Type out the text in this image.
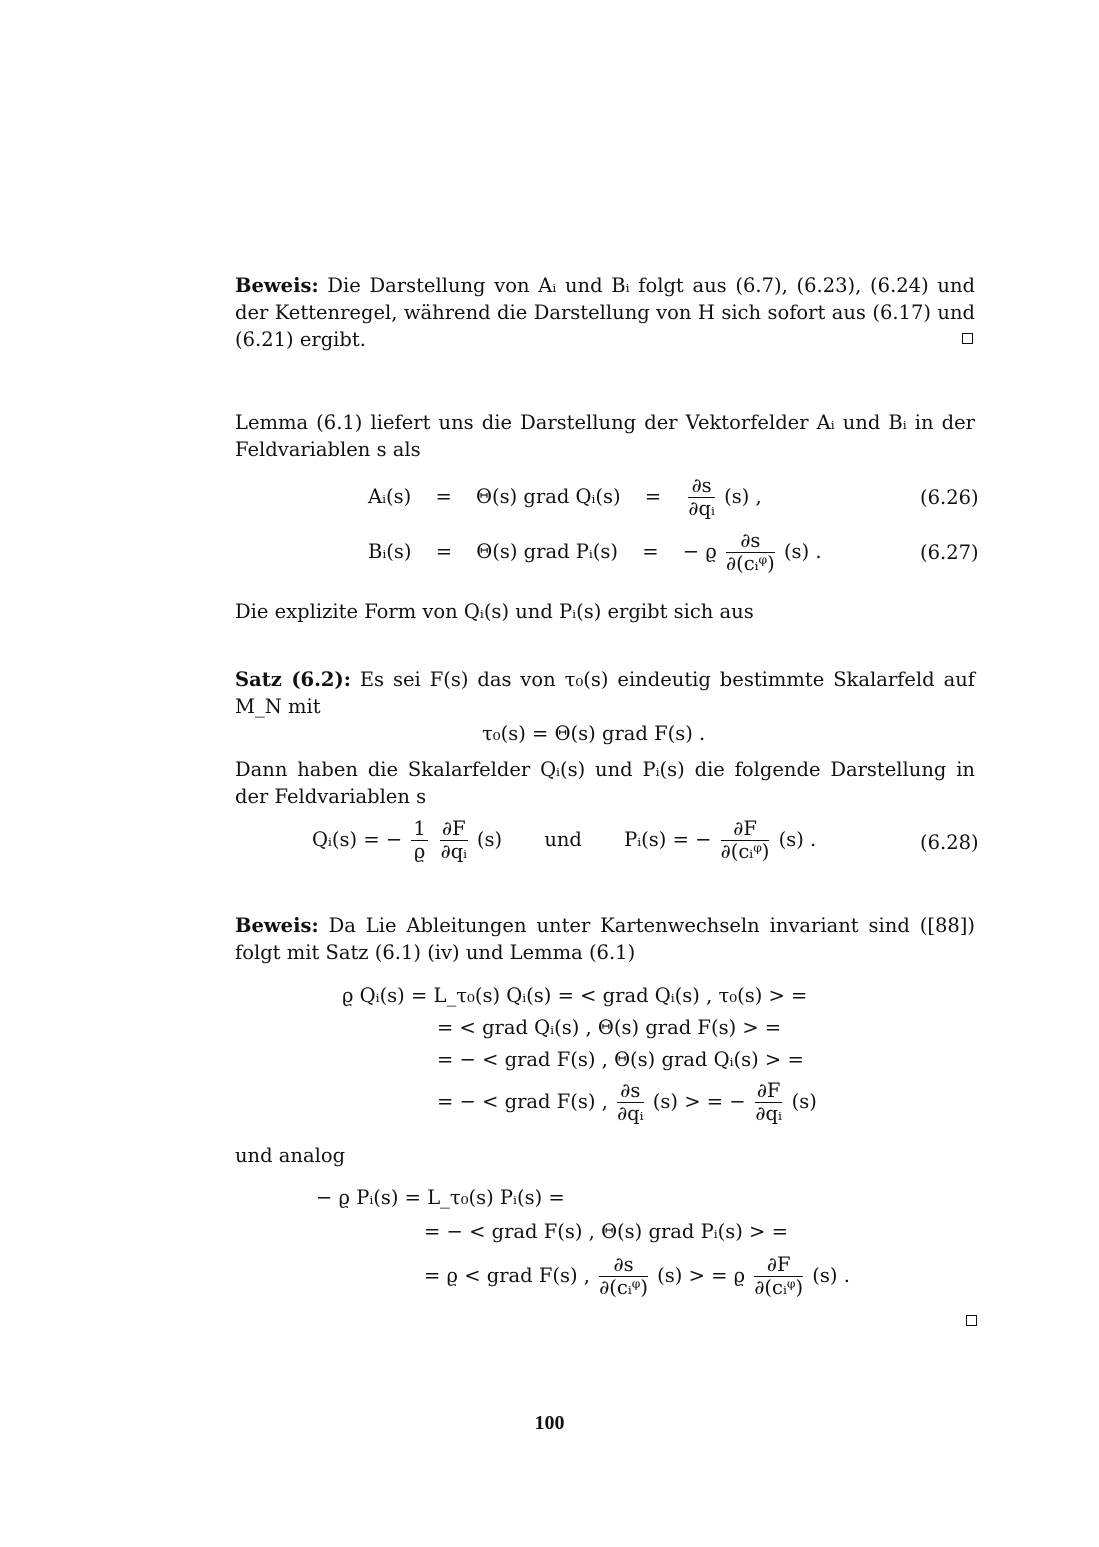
Beweis: Die Darstellung von Aᵢ und Bᵢ folgt aus (6.7), (6.23), (6.24) und der Kettenregel, während die Darstellung von H sich sofort aus (6.17) und (6.21) ergibt.
Lemma (6.1) liefert uns die Darstellung der Vektorfelder Aᵢ und Bᵢ in der Feldvariablen s als
Aᵢ(s) = Θ(s) grad Qᵢ(s) = $\frac{\partial s}{\text{∂qᵢ}} (s)$ ,	(6.26)
Bᵢ(s) = Θ(s) grad Pᵢ(s) = − ϱ $\frac{\partial s}{\text{∂(cᵢᵠ)}} (s)$ .	(6.27)
Die explizite Form von Qᵢ(s) und Pᵢ(s) ergibt sich aus
Satz (6.2): Es sei F(s) das von τ₀(s) eindeutig bestimmte Skalarfeld auf M_N mit
τ₀(s) = Θ(s) grad F(s) .
Dann haben die Skalarfelder Qᵢ(s) und Pᵢ(s) die folgende Darstellung in der Feldvariablen s
Qᵢ(s) = − $\frac{1}{ϱ}$
$\frac{\partial F}{\text{∂qᵢ}} (s)$ und Pᵢ(s) = − $\frac{\partial F}{\text{∂(cᵢᵠ)}} (s)$ .	(6.28)
Beweis: Da Lie Ableitungen unter Kartenwechseln invariant sind ([88]) folgt mit Satz (6.1) (iv) und Lemma (6.1)
ϱ Qᵢ(s) = L_τ₀(s) Qᵢ(s) = < grad Qᵢ(s) , τ₀(s) > =
= < grad Qᵢ(s) , Θ(s) grad F(s) > =
= − < grad F(s) , Θ(s) grad Qᵢ(s) > =
= − < grad F(s) , $\frac{\partial s}{\text{∂qᵢ}} (s)$ > = − $\frac{\partial F}{\text{∂qᵢ}} (s)$
und analog
− ϱ Pᵢ(s) = L_τ₀(s) Pᵢ(s) =
= − < grad F(s) , Θ(s) grad Pᵢ(s) > =
= ϱ < grad F(s) , $\frac{\partial s}{\text{∂(cᵢᵠ)}} (s)$ > = ϱ $\frac{\partial F}{\text{∂(cᵢᵠ)}} (s)$ .
100
